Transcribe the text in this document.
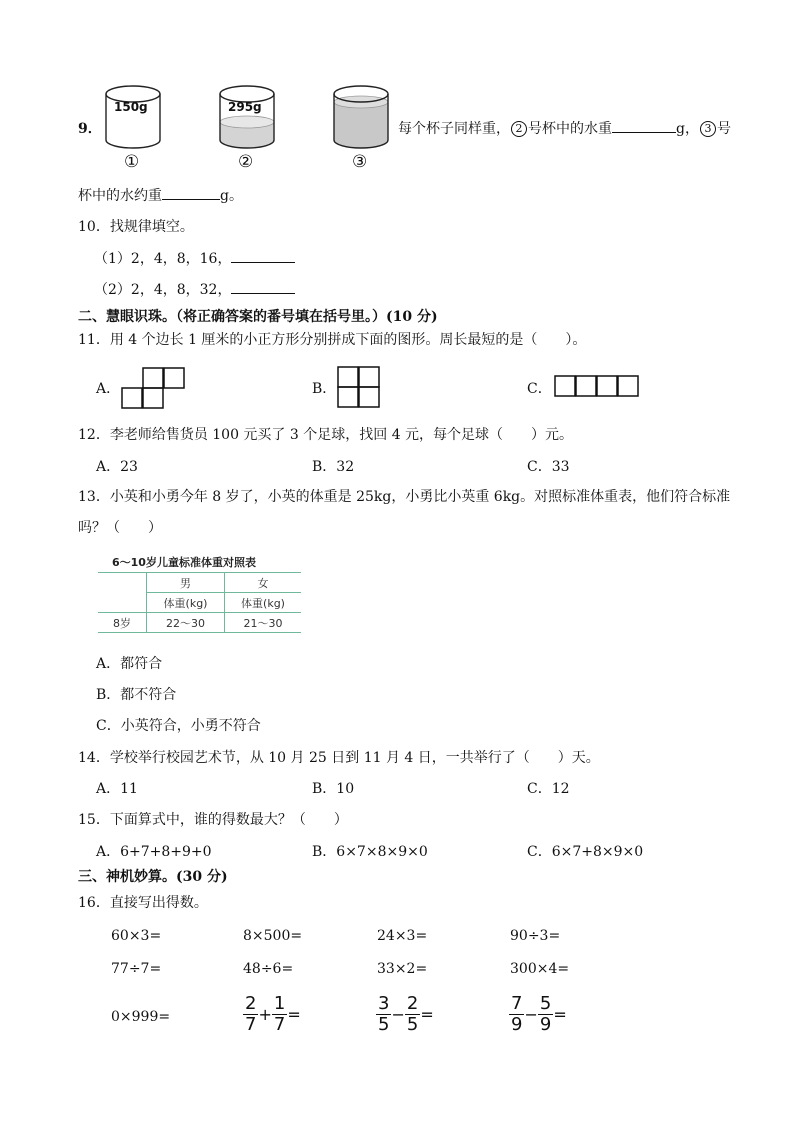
9．
150g	295g
①	②	③
每个杯子同样重， 2 号杯中的水重	g， 3 号
杯中的水约重	g。
10．找规律填空。
（1）2，4，8，16，
（2）2，4，8，32，
二、慧眼识珠。（将正确答案的番号填在括号里。）(10 分)
11．用 4 个边长 1 厘米的小正方形分别拼成下面的图形。周长最短的是（　　）。
A．	B．	C．
12．李老师给售货员 100 元买了 3 个足球，找回 4 元，每个足球（　　）元。
A．23	B．32	C．33
13．小英和小勇今年 8 岁了，小英的体重是 25kg，小勇比小英重 6kg。对照标准体重表，他们符合标准
吗？（　　）
6～10岁儿童标准体重对照表
	男	女
	体重(kg)	体重(kg)
8岁	22～30	21～30
A．都符合
B．都不符合
C．小英符合，小勇不符合
14．学校举行校园艺术节，从 10 月 25 日到 11 月 4 日，一共举行了（　　）天。
A．11	B．10	C．12
15．下面算式中，谁的得数最大？（　　）
A．6+7+8+9+0	B．6×7×8×9×0	C．6×7+8×9×0
三、神机妙算。(30 分)
16．直接写出得数。
60×3=	8×500=	24×3=	90÷3=
77÷7=	48÷6=	33×2=	300×4=
0×999=	$\frac{2}{7} + \frac{1}{7}$ =	$\frac{3}{5} - \frac{2}{5}$ =	$\frac{7}{9} - \frac{5}{9}$ =
